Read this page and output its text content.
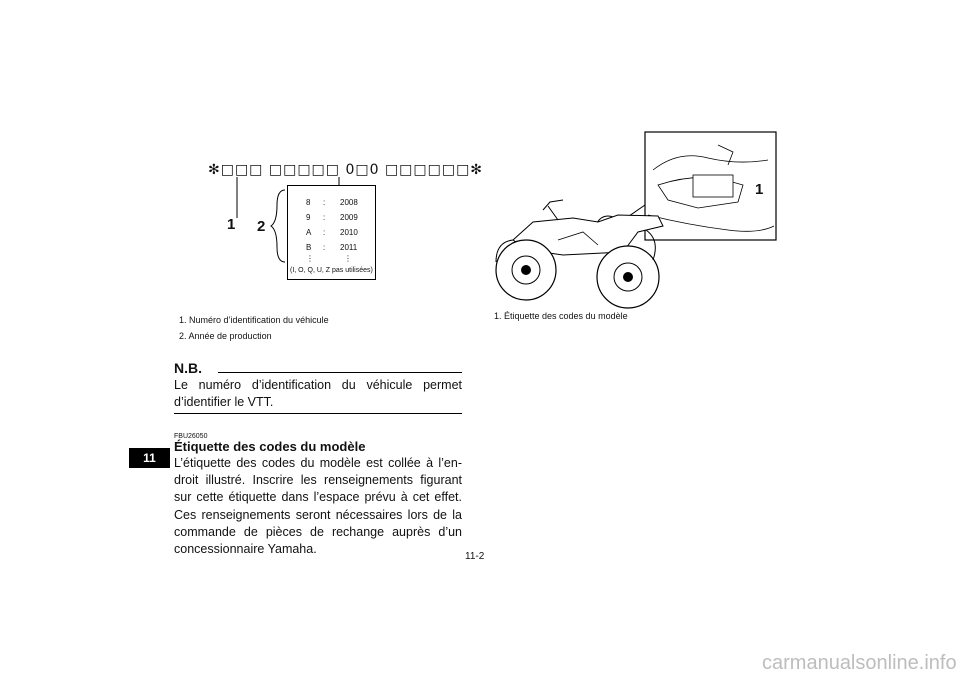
11
✻□□□ □□□□□ 0□0 □□□□□□✻
1 2
8 : 2008
9 : 2009
A : 2010
B : 2011
⋮	⋮
(I, O, Q, U, Z pas utilisées)
1. Numéro d’identification du véhicule
2. Année de production
1
1. Étiquette des codes du modèle
N.B.
Le numéro d’identification du véhicule permet d’identifier le VTT.
FBU26050
Étiquette des codes du modèle

L’étiquette des codes du modèle est collée à l’en-droit illustré. Inscrire les renseignements figurant sur cette étiquette dans l’espace prévu à cet effet. Ces renseignements seront nécessaires lors de la commande de pièces de rechange auprès d’un concessionnaire Yamaha.

11-2
carmanualsonline.info
